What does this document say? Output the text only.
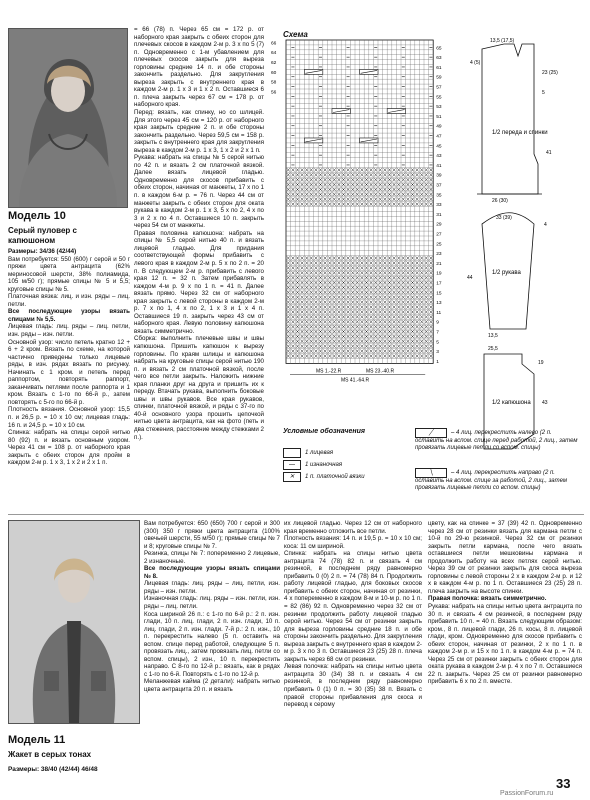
Модель 10
Серый пуловер с капюшоном

Размеры: 34/36 (42/44)

Вам потребуется: 550 (600) г серой и 50 г пряжи цвета антрацита (62% мериносовой шерсти, 38% полиамида, 105 м/50 г); прямые спицы № 5 и 5,5; круговые спицы № 5.

Платочная вязка: лиц. и изн. ряды – лиц. петли.

Все последующие узоры вязать спицами № 5,5.

Лицевая гладь: лиц. ряды – лиц. петли, изн. ряды – изн. петли.

Основной узор: число петель кратно 12 + 6 + 2 кром. Вязать по схеме, на которой частично приведены только лицевые ряды, в изн. рядах вязать по рисунку. Начинать с 1 кром. и петель перед раппортом, повторять раппорт, заканчивать петлями после раппорта и 1 кром. Вязать с 1-го по 66-й р., затем повторять с 5-го по 66-й р.

Плотность вязания. Основной узор: 15,5 п. и 26,5 р. = 10 х 10 см; лицевая гладь: 16 п. и 24,5 р. = 10 х 10 см.

Спинка: набрать на спицы серой нитью 80 (92) п. и вязать основным узором. Через 41 см = 108 р. от наборного края закрыть с обеих сторон для пройм в каждом 2-м р. 1 х 3, 1 х 2 и 2 х 1 п.

= 66 (78) п. Через 65 см = 172 р. от наборного края закрыть с обеих сторон для плечевых скосов в каждом 2-м р. 3 х по 5 (7) п. Одновременно с 1-м убавлением для плечевых скосов закрыть для выреза горловины средние 14 п. и обе стороны закончить раздельно. Для закругления выреза закрыть с внутреннего края в каждом 2-м р. 1 х 3 и 1 х 2 п. Оставшиеся 6 п. плеча закрыть через 67 см = 178 р. от наборного края.

Перед: вязать, как спинку, но со шлицей. Для этого через 45 см = 120 р. от наборного края закрыть средние 2 п. и обе стороны закончить раздельно. Через 59,5 см = 158 р. закрыть с внутреннего края для закругления выреза в каждом 2-м р. 1 х 3, 1 х 2 и 2 х 1 п.

Рукава: набрать на спицы № 5 серой нитью по 42 п. и вязать 2 см платочной вязкой. Далее вязать лицевой гладью. Одновременно для скосов прибавить с обеих сторон, начиная от манжеты, 17 х по 1 п. в каждом 6-м р. = 76 п. Через 44 см от манжеты закрыть с обеих сторон для оката рукава в каждом 2-м р. 1 х 3, 5 х по 2, 4 х по 3 и 2 х по 4 п. Оставшиеся 10 п. закрыть через 54 см от манжеты.

Правая половина капюшона: набрать на спицы № 5,5 серой нитью 40 п. и вязать лицевой гладью. Для придания соответствующей формы прибавить с левого края в каждом 2-м р. 5 х по 2 п. = 20 п. В следующем 2-м р. прибавить с левого края 12 п. = 32 п. Затем прибавлять в каждом 4-м р. 9 х по 1 п. = 41 п. Далее вязать прямо. Через 32 см от наборного края закрыть с левой стороны в каждом 2-м р. 7 х по 1, 4 х по 2, 1 х 3 и 1 х 4 п. Оставшиеся 19 п. закрыть через 43 см от наборного края. Левую половину капюшона вязать симметрично.

Сборка: выполнить плечевые швы и швы капюшона. Пришить капюшон к вырезу горловины. По краям шлицы и капюшона набрать на круговые спицы серой нитью 190 п. и вязать 2 см платочной вязкой, после чего все петли закрыть. Наложить нижние края планки друг на друга и пришить их к переду. Втачать рукава, выполнить боковые швы и швы рукавов. Все края рукавов, спинки, платочной вязкой, и ряды с 37-го по 40-й основного узора прошить цепочкой нитью цвета антрацита, как на фото (петь и два стежения, расстояние между стежками 2 п.).

Схема
65
63
61
59
57
55
53
51
49
47
45
43
41
39
37
35
33
31
29
27
25
23
21
19
17
15
13
11
9
7
5
3
1
66
64
62
60
58
56
MS 1.-22.R	MS 23.-40.R
MS 41.-64.R
1/2 переда и спинки
1/2 рукава
1/2 капюшона
13,5 (17,5)
4 (5)
23 (25)
5
26 (30)
41
4
44
33 (39)
13,5
25,5
43
19
Условные обозначения
1 лицевая
—	1 изнаночная
✕	1 п. платочной вязки
╱	– 4 лиц. перекрестить налево (2 п. оставить на вспом. спице перед работой, 2 лиц., затем провязать лицевые петли со вспом. спицы)
╲	– 4 лиц. перекрестить направо (2 п. оставить на вспом. спице за работой, 2 лиц., затем провязать лицевые петли со вспом. спицы)
Модель 11
Жакет в серых тонах
Размеры: 38/40 (42/44) 46/48

Вам потребуется: 650 (650) 700 г серой и 300 (300) 350 г пряжи цвета антрацита (100% овечьей шерсти, 55 м/50 г); прямые спицы № 7 и 8; круговые спицы № 7.

Резинка, спицы № 7: попеременно 2 лицевые, 2 изнаночные.

Все последующие узоры вязать спицами № 8.

Лицевая гладь: лиц. ряды – лиц. петли, изн. ряды – изн. петли.

Изнаночная гладь: лиц. ряды – изн. петли, изн. ряды – лиц. петли.

Коса шириной 26 п.: с 1-го по 6-й р.: 2 п. изн. глади, 10 п. лиц. глади, 2 п. изн. глади, 10 п. лиц. глади, 2 п. изн. глади. 7-й р.: 2 п. изн., 10 п. перекрестить налево (5 п. оставить на вспом. спице перед работой, следующие 5 п. провязать лиц., затем провязать лиц. петли со вспом. спицы), 2 изн., 10 п. перекрестить направо. С 8-го по 12-й р.: вязать, как в рядах с 1-го по 6-й. Повторять с 1-го по 12-й р.

Меланжевая кайма (2 детали): набрать нитью цвета антрацита 20 п. и вязать

их лицевой гладью. Через 12 см от наборного края временно отложить все петли.

Плотность вязания: 14 п. и 19,5 р. = 10 х 10 см; коса: 11 см шириной.

Спинка: набрать на спицы нитью цвета антрацита 74 (78) 82 п. и связать 4 см резинкой, в последнем ряду равномерно прибавить 0 (0) 2 п. = 74 (78) 84 п. Продолжить работу лицевой гладью, для боковых скосов прибавить с обеих сторон, начиная от резинки, 4 х попеременно в каждом 8-м и 10-м р. по 1 п. = 82 (86) 92 п. Одновременно через 32 см от резинки продолжить работу лицевой гладью серой нитью. Через 54 см от резинки закрыть для выреза горловины средние 18 п. и обе стороны закончить раздельно. Для закругления выреза закрыть с внутреннего края в каждом 2-м р. 3 х по 3 п. Оставшиеся 23 (25) 28 п. плеча закрыть через 68 см от резинки.

Левая полочка: набрать на спицы нитью цвета антрацита 30 (34) 38 п. и связать 4 см резинкой, в последнем ряду равномерно прибавить 0 (1) 0 п. = 30 (35) 38 п. Вязать с правой стороны прибавления для скоса и перевод к серому

цвету, как на спинке = 37 (39) 42 п. Одновременно через 28 см от резинки вязать для кармана петли с 10-й по 29-ю резинкой. Через 32 см от резинки закрыть петли кармана, после чего вязать оставшиеся петли мешковины кармана и продолжить работу на всех петлях серой нитью. Через 39 см от резинки закрыть для скоса выреза горловины с левой стороны 2 х в каждом 2-м р. и 12 х в каждом 4-м р. по 1 п. Оставшиеся 23 (25) 28 п. плеча закрыть на высоте спинки.

Правая полочка: вязать симметрично.

Рукава: набрать на спицы нитью цвета антрацита по 30 п. и связать 4 см резинкой, в последнем ряду прибавить 10 п. = 40 п. Вязать следующим образом: кром., 8 п. лицевой глади, 26 п. косы, 8 п. лицевой глади, кром. Одновременно для скосов прибавить с обеих сторон, начиная от резинки, 2 х по 1 п. в каждом 2-м р. и 15 х по 1 п. в каждом 4-м р. = 74 п. Через 25 см от резинки закрыть с обеих сторон для оката рукава в каждом 2-м р. 4 х по 7 п. Оставшиеся 22 п. закрыть. Через 25 см от резинки равномерно прибавить 6 х по 2 п. вместе.

33
PassionForum.ru
